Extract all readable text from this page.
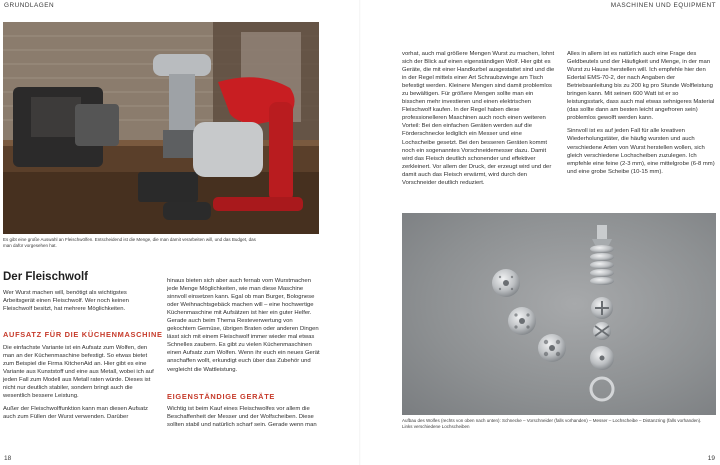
GRUNDLAGEN	MASCHINEN UND EQUIPMENT
Es gibt eine große Auswahl an Fleischwölfen. Entscheidend ist die Menge, die man damit verarbeiten will, und das Budget, das man dafür vorgesehen hat.
Der Fleischwolf

Wer Wurst machen will, benötigt als wichtigstes Arbeitsgerät einen Fleischwolf. Wer noch keinen Fleischwolf besitzt, hat mehrere Möglichkeiten.

AUFSATZ FÜR DIE KÜCHENMASCHINE

Die einfachste Variante ist ein Aufsatz zum Wolfen, den man an der Küchenmaschine befestigt. So etwas bietet zum Beispiel die Firma KitchenAid an. Hier gibt es eine Variante aus Kunststoff und eine aus Metall, wobei ich auf jeden Fall zum Modell aus Metall raten würde. Dieses ist nicht nur deutlich stabiler, sondern bringt auch die wesentlich bessere Leistung.

Außer der Fleischwolffunktion kann man diesen Aufsatz auch zum Füllen der Wurst verwenden. Darüber

hinaus bieten sich aber auch fernab vom Wurstmachen jede Menge Möglichkeiten, wie man diese Maschine sinnvoll einsetzen kann. Egal ob man Burger, Bolognese oder Weihnachtsgebäck machen will – eine hochwertige Küchenmaschine mit Aufsätzen ist hier ein guter Helfer. Gerade auch beim Thema Resteverwertung von gekochtem Gemüse, übrigen Braten oder anderen Dingen lässt sich mit einem Fleischwolf immer wieder mal etwas Schnelles zaubern. Es gibt zu vielen Küchenmaschinen einen Aufsatz zum Wolfen. Wenn ihr euch ein neues Gerät anschaffen wollt, erkundigt euch über das Zubehör und vergleicht die Wattleistung.

EIGENSTÄNDIGE GERÄTE

Wichtig ist beim Kauf eines Fleischwolfes vor allem die Beschaffenheit der Messer und der Wolfscheiben. Diese sollten stabil und natürlich scharf sein. Gerade wenn man

vorhat, auch mal größere Mengen Wurst zu machen, lohnt sich der Blick auf einen eigenständigen Wolf. Hier gibt es Geräte, die mit einer Handkurbel ausgestattet sind und die in der Regel mittels einer Art Schraubzwinge am Tisch befestigt werden. Kleinere Mengen sind damit problemlos zu bewältigen. Für größere Mengen sollte man ein bisschen mehr investieren und einen elektrischen Fleischwolf kaufen. In der Regel haben diese professionelleren Maschinen auch noch einen weiteren Vorteil: Bei den einfachen Geräten werden auf die Förderschnecke lediglich ein Messer und eine Lochscheibe gesetzt. Bei den besseren Geräten kommt noch ein sogenanntes Vorschneidemesser dazu. Damit wird das Fleisch deutlich schonender und effektiver zerkleinert. Vor allem der Druck, der erzeugt wird und der damit auch das Fleisch erwärmt, wird durch den Vorschneider deutlich reduziert.

Alles in allem ist es natürlich auch eine Frage des Geldbeutels und der Häufigkeit und Menge, in der man Wurst zu Hause herstellen will. Ich empfehle hier den Edertal EMS-70-2, der nach Angaben der Betriebsanleitung bis zu 200 kg pro Stunde Wolfleistung bringen kann. Mit seinen 600 Watt ist er so leistungsstark, dass auch mal etwas sehnigeres Material (das sollte dann am besten leicht angefroren sein) problemlos gewolft werden kann.

Sinnvoll ist es auf jeden Fall für alle kreativen Wiederholungstäter, die häufig wursten und auch verschiedene Arten von Wurst herstellen wollen, sich gleich verschiedene Lochscheiben zuzulegen. Ich empfehle eine feine (2-3 mm), eine mittelgrobe (6-8 mm) und eine grobe Scheibe (10-15 mm).

Aufbau des Wolfes (rechts von oben nach unten): Schnecke – Vorschneider (falls vorhanden) – Messer – Lochscheibe – Distanzring (falls vorhanden). Links verschiedene Lochscheiben
18	19
